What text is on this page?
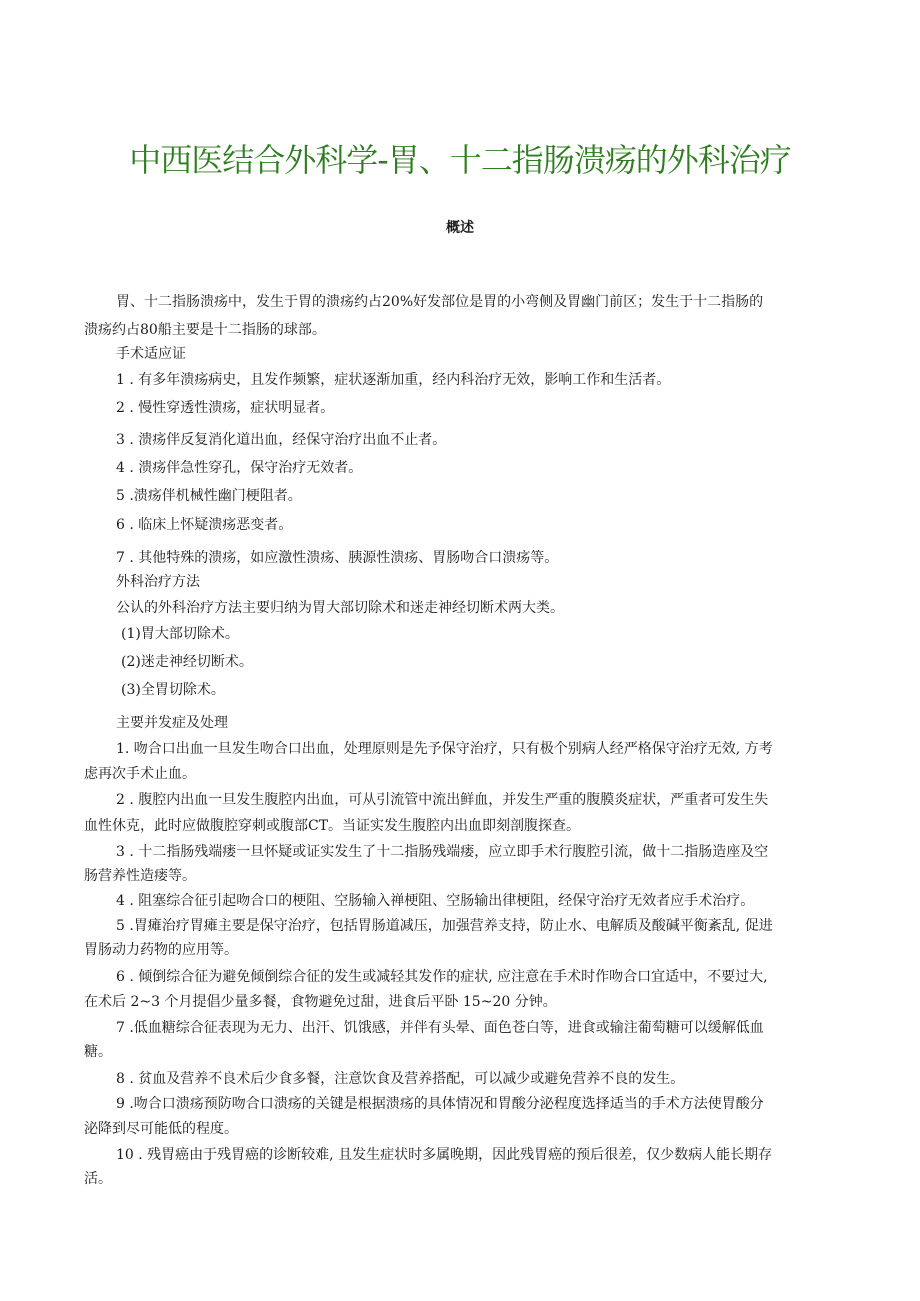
中西医结合外科学-胃、十二指肠溃疡的外科治疗
概述
胃、十二指肠溃疡中，发生于胃的溃疡约占20%好发部位是胃的小弯侧及胃幽门前区；发生于十二指肠的
溃疡约占80船主要是十二指肠的球部。
手术适应证
1 . 有多年溃疡病史，且发作频繁，症状逐渐加重，经内科治疗无效，影响工作和生活者。
2 . 慢性穿透性溃疡，症状明显者。
3 . 溃疡伴反复消化道出血，经保守治疗出血不止者。
4 . 溃疡伴急性穿孔，保守治疗无效者。
5 .溃疡伴机械性幽门梗阻者。
6 . 临床上怀疑溃疡恶变者。
7 . 其他特殊的溃疡，如应激性溃疡、胰源性溃疡、胃肠吻合口溃疡等。
外科治疗方法
公认的外科治疗方法主要归纳为胃大部切除术和迷走神经切断术两大类。
(1)胃大部切除术。
(2)迷走神经切断术。
(3)全胃切除术。
主要并发症及处理
1. 吻合口出血一旦发生吻合口出血，处理原则是先予保守治疗，只有极个别病人经严格保守治疗无效, 方考
虑再次手术止血。
2 . 腹腔内出血一旦发生腹腔内出血，可从引流管中流出鲜血，并发生严重的腹膜炎症状，严重者可发生失
血性休克，此时应做腹腔穿刺或腹部CT。当证实发生腹腔内出血即刻剖腹探查。
3 . 十二指肠残端瘘一旦怀疑或证实发生了十二指肠残端瘘，应立即手术行腹腔引流，做十二指肠造座及空
肠营养性造瘘等。
4 . 阻塞综合征引起吻合口的梗阻、空肠输入禅梗阻、空肠输出律梗阻，经保守治疗无效者应手术治疗。
5 .胃瘫治疗胃瘫主要是保守治疗，包括胃肠道减压，加强营养支持，防止水、电解质及酸碱平衡紊乱, 促进
胃肠动力药物的应用等。
6 . 倾倒综合征为避免倾倒综合征的发生或减轻其发作的症状, 应注意在手术时作吻合口宜适中，不要过大,
在术后 2~3 个月提倡少量多餐，食物避免过甜，进食后平卧 15~20 分钟。
7 .低血糖综合征表现为无力、出汗、饥饿感，并伴有头晕、面色苍白等，进食或输注葡萄糖可以缓解低血
糖。
8 . 贫血及营养不良术后少食多餐，注意饮食及营养搭配，可以减少或避免营养不良的发生。
9 .吻合口溃疡预防吻合口溃疡的关键是根据溃疡的具体情况和胃酸分泌程度选择适当的手术方法使胃酸分
泌降到尽可能低的程度。
10 . 残胃癌由于残胃癌的诊断较难, 且发生症状时多属晚期，因此残胃癌的预后很差，仅少数病人能长期存
活。
